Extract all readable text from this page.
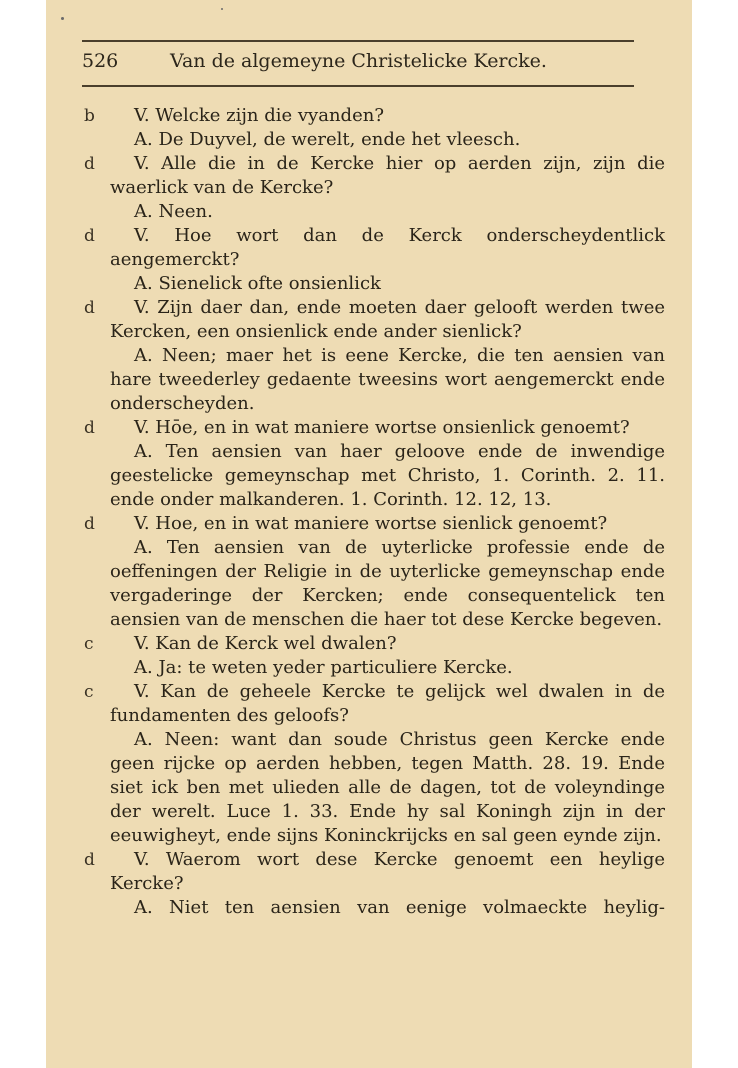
526	Van de algemeyne Christelicke Kercke.

b V. Welcke zijn die vyanden?

A. De Duyvel, de werelt, ende het vleesch.

d V. Alle die in de Kercke hier op aerden zijn, zijn die waerlick van de Kercke?

A. Neen.

d V. Hoe wort dan de Kerck onderscheydentlick aengemerckt?

A. Sienelick ofte onsienlick

d V. Zijn daer dan, ende moeten daer gelooft werden twee Kercken, een onsienlick ende ander sienlick?

A. Neen; maer het is eene Kercke, die ten aensien van hare tweederley gedaente tweesins wort aengemerckt ende onderscheyden.

d V. Hōe, en in wat maniere wortse onsienlick genoemt?

A. Ten aensien van haer geloove ende de inwendige geestelicke gemeynschap met Christo, 1. Corinth. 2. 11. ende onder malkanderen. 1. Corinth. 12. 12, 13.

d V. Hoe, en in wat maniere wortse sienlick genoemt?

A. Ten aensien van de uyterlicke professie ende de oeffeningen der Religie in de uyterlicke gemeynschap ende vergaderinge der Kercken; ende consequentelick ten aensien van de menschen die haer tot dese Kercke begeven.

c V. Kan de Kerck wel dwalen?

A. Ja: te weten yeder particuliere Kercke.

c V. Kan de geheele Kercke te gelijck wel dwalen in de fundamenten des geloofs?

A. Neen: want dan soude Christus geen Kercke ende geen rijcke op aerden hebben, tegen Matth. 28. 19. Ende siet ick ben met ulieden alle de dagen, tot de voleyndinge der werelt. Luce 1. 33. Ende hy sal Koningh zijn in der eeuwigheyt, ende sijns Koninckrijcks en sal geen eynde zijn.

d V. Waerom wort dese Kercke genoemt een heylige Kercke?

A. Niet ten aensien van eenige volmaeckte heylig-
